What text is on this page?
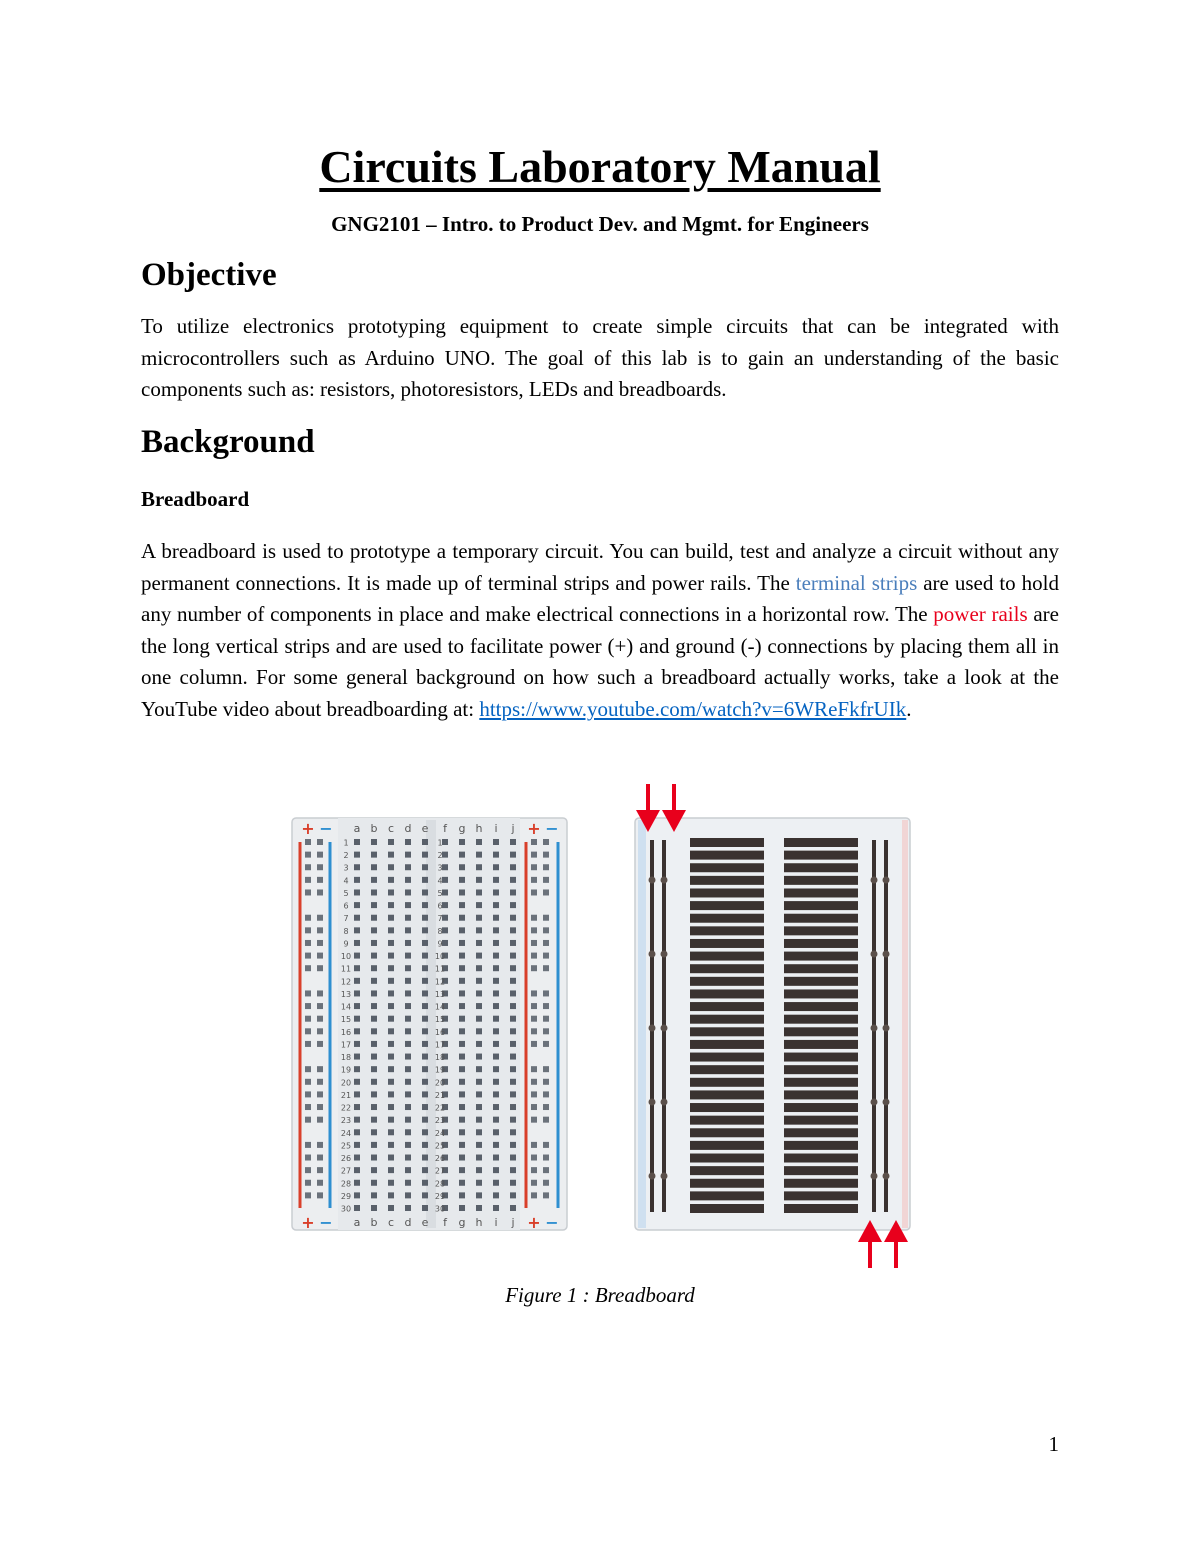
Circuits Laboratory Manual
GNG2101 – Intro. to Product Dev. and Mgmt. for Engineers
Objective

To utilize electronics prototyping equipment to create simple circuits that can be integrated with microcontrollers such as Arduino UNO. The goal of this lab is to gain an understanding of the basic components such as: resistors, photoresistors, LEDs and breadboards.

Background
Breadboard

A breadboard is used to prototype a temporary circuit. You can build, test and analyze a circuit without any permanent connections. It is made up of terminal strips and power rails. The terminal strips are used to hold any number of components in place and make electrical connections in a horizontal row. The power rails are the long vertical strips and are used to facilitate power (+) and ground (-) connections by placing them all in one column. For some general background on how such a breadboard actually works, take a look at the YouTube video about breadboarding at: https://www.youtube.com/watch?v=6WReFkfrUIk.

a
a
b
b
c
c
d
d
e
e
f
f
g
g
h
h
i
i
j
j
1	1
2	2
3	3
4	4
5	5
6	6
7	7
8	8
9	9
10	10
11	11
12	12
13	13
14	14
15	15
16	16
17	17
18	18
19	19
20	20
21	21
22	22
23	23
24	24
25	25
26	26
27	27
28	28
29	29
30	30
+ −	+ −
+ −	+ −
Figure 1 : Breadboard
1
